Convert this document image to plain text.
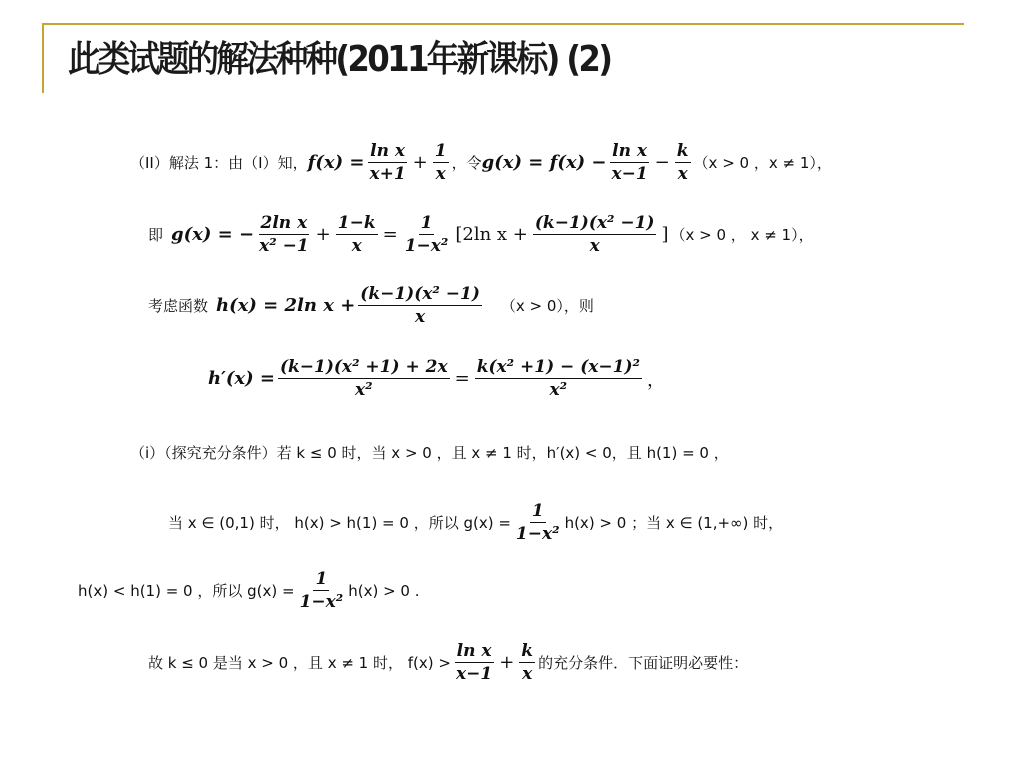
此类试题的解法种种(2011年新课标) (2)
（II）解法 1：由（I）知， $f(x) = \frac{\text{ln x}}{x+1} + \frac{1}{x}$ ，令 $g(x) = f(x) - \frac{\text{ln x}}{x-1} - \frac{k}{x} (x > 0$ ，x ≠ 1），
即 g(x) = − $\frac{\text{2ln x}}{\text{x² −1}} + \frac{1-k}{x} = \frac{1}{\text{1−x²}} [2\ln$ $x + \frac{\text{(k−1)(x² −1)}}{x}$ ] （x > 0 ， x ≠ 1），
考虑函数 h(x) = 2ln $x + \frac{\text{(k−1)(x² −1)}}{x} (x > 0)$，则
$h'(x) = \frac{\text{(k−1)(x² +1) + 2x}}{\text{x²}} = \frac{\text{k(x² +1) − (x−1)²}}{\text{x²}}$ ，
（i）（探究充分条件）若 k ≤ 0 时，当 x > 0 ，且 x ≠ 1 时，h′(x) < 0，且 h(1) = 0 ，
当 x ∈ (0,1) 时， h(x) > h(1) = 0 ，所以 $g(x) = \frac{1}{\text{1−x²}} h(x) > 0$ ；当 x ∈ (1,+∞) 时，
h(x) < h(1) = 0 ，所以 $g(x) = \frac{1}{\text{1−x²}} h(x) > 0$ .
故 k ≤ 0 是当 x > 0 ，且 x ≠ 1 时， $f(x) > \frac{\text{ln x}}{x-1} + \frac{k}{x}$ 的充分条件．下面证明必要性：
